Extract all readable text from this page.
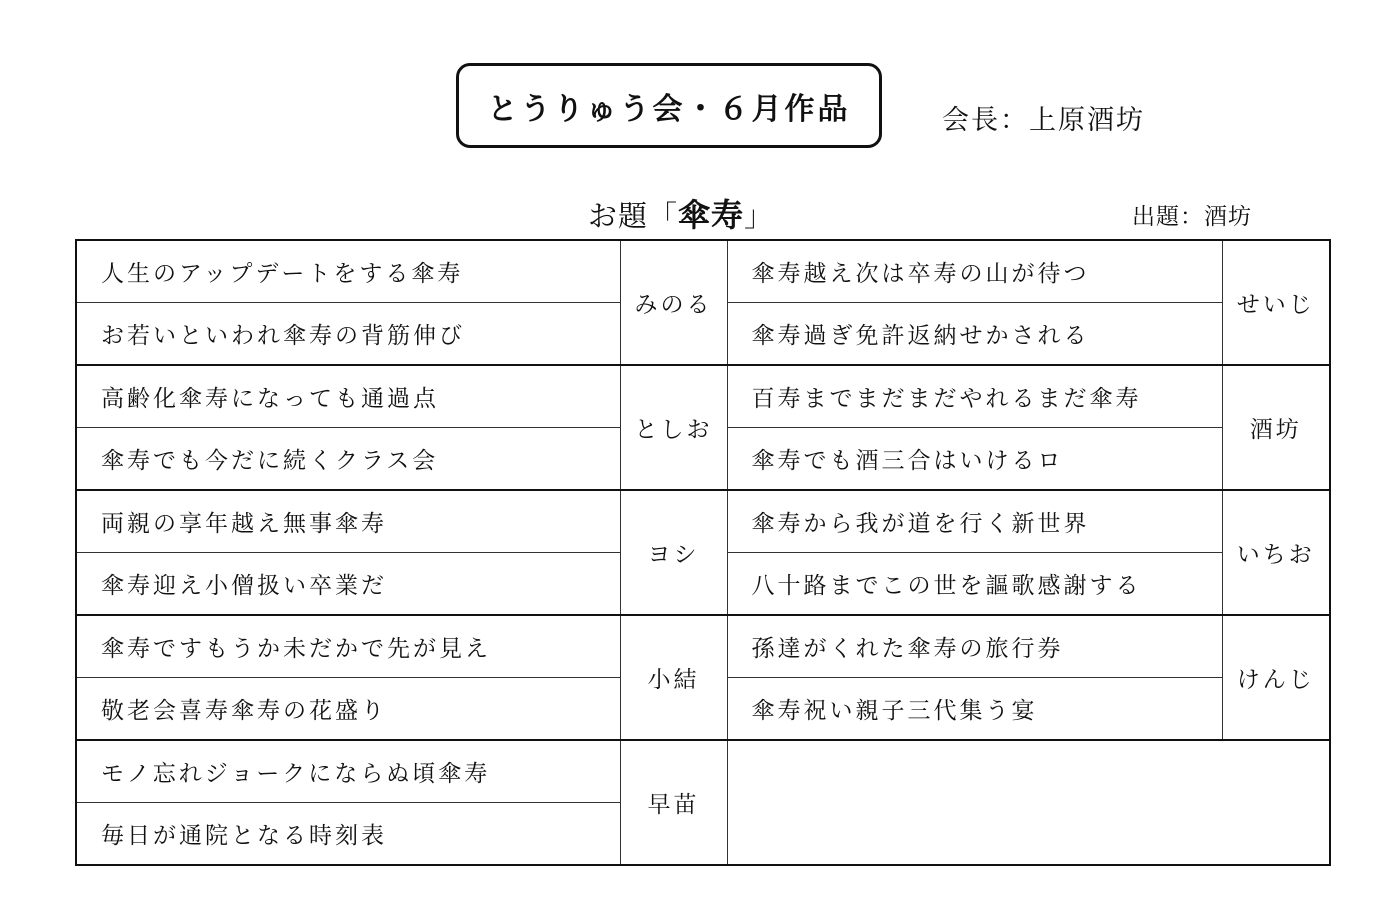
とうりゅう会・６月作品	会長：上原酒坊
お題「傘寿」	出題：酒坊
人生のアップデートをする傘寿	みのる	傘寿越え次は卒寿の山が待つ	せいじ
お若いといわれ傘寿の背筋伸び		傘寿過ぎ免許返納せかされる	
高齢化傘寿になっても通過点	としお	百寿までまだまだやれるまだ傘寿	酒坊
傘寿でも今だに続くクラス会		傘寿でも酒三合はいけるロ	
両親の享年越え無事傘寿	ヨシ	傘寿から我が道を行く新世界	いちお
傘寿迎え小僧扱い卒業だ		八十路までこの世を謳歌感謝する	
傘寿ですもうか未だかで先が見え	小結	孫達がくれた傘寿の旅行券	けんじ
敬老会喜寿傘寿の花盛り		傘寿祝い親子三代集う宴	
モノ忘れジョークにならぬ頃傘寿	早苗		
毎日が通院となる時刻表			
